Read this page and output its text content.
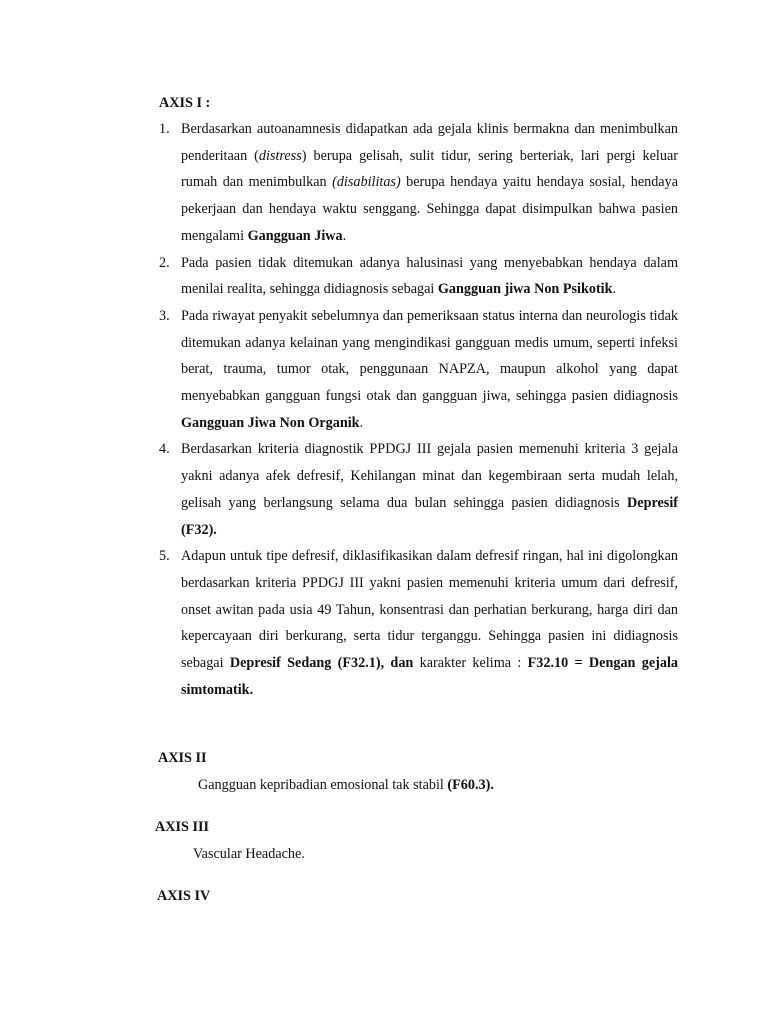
AXIS I :

1. Berdasarkan autoanamnesis didapatkan ada gejala klinis bermakna dan menimbulkan penderitaan (distress) berupa gelisah, sulit tidur, sering berteriak, lari pergi keluar rumah dan menimbulkan (disabilitas) berupa hendaya yaitu hendaya sosial, hendaya pekerjaan dan hendaya waktu senggang. Sehingga dapat disimpulkan bahwa pasien mengalami Gangguan Jiwa.
2. Pada pasien tidak ditemukan adanya halusinasi yang menyebabkan hendaya dalam menilai realita, sehingga didiagnosis sebagai Gangguan jiwa Non Psikotik.
3. Pada riwayat penyakit sebelumnya dan pemeriksaan status interna dan neurologis tidak ditemukan adanya kelainan yang mengindikasi gangguan medis umum, seperti infeksi berat, trauma, tumor otak, penggunaan NAPZA, maupun alkohol yang dapat menyebabkan gangguan fungsi otak dan gangguan jiwa, sehingga pasien didiagnosis Gangguan Jiwa Non Organik.
4. Berdasarkan kriteria diagnostik PPDGJ III gejala pasien memenuhi kriteria 3 gejala yakni adanya afek defresif, Kehilangan minat dan kegembiraan serta mudah lelah, gelisah yang berlangsung selama dua bulan sehingga pasien didiagnosis Depresif (F32).
5. Adapun untuk tipe defresif, diklasifikasikan dalam defresif ringan, hal ini digolongkan berdasarkan kriteria PPDGJ III yakni pasien memenuhi kriteria umum dari defresif, onset awitan pada usia 49 Tahun, konsentrasi dan perhatian berkurang, harga diri dan kepercayaan diri berkurang, serta tidur terganggu. Sehingga pasien ini didiagnosis sebagai Depresif Sedang (F32.1), dan karakter kelima : F32.10 = Dengan gejala simtomatik.

AXIS II

Gangguan kepribadian emosional tak stabil (F60.3).

AXIS III

Vascular Headache.

AXIS IV
